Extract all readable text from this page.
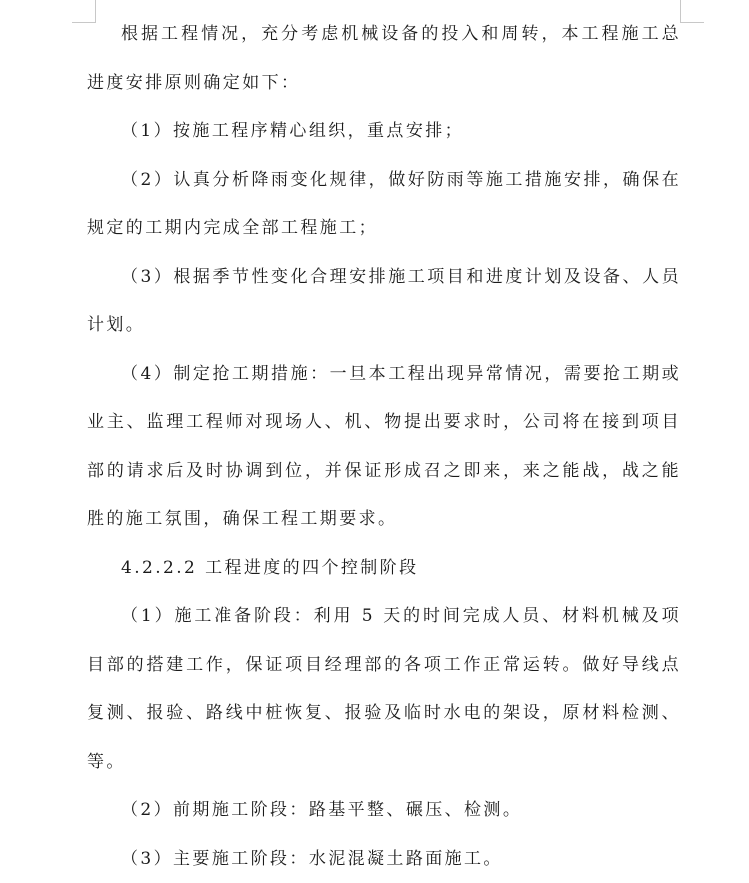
根据工程情况，充分考虑机械设备的投入和周转，本工程施工总进度安排原则确定如下：

（1）按施工程序精心组织，重点安排；

（2）认真分析降雨变化规律，做好防雨等施工措施安排，确保在规定的工期内完成全部工程施工；

（3）根据季节性变化合理安排施工项目和进度计划及设备、人员计划。

（4）制定抢工期措施：一旦本工程出现异常情况，需要抢工期或业主、监理工程师对现场人、机、物提出要求时，公司将在接到项目部的请求后及时协调到位，并保证形成召之即来，来之能战，战之能胜的施工氛围，确保工程工期要求。

4.2.2.2 工程进度的四个控制阶段

（1）施工准备阶段：利用 5 天的时间完成人员、材料机械及项目部的搭建工作，保证项目经理部的各项工作正常运转。做好导线点复测、报验、路线中桩恢复、报验及临时水电的架设，原材料检测、等。

（2）前期施工阶段：路基平整、碾压、检测。

（3）主要施工阶段：水泥混凝土路面施工。
